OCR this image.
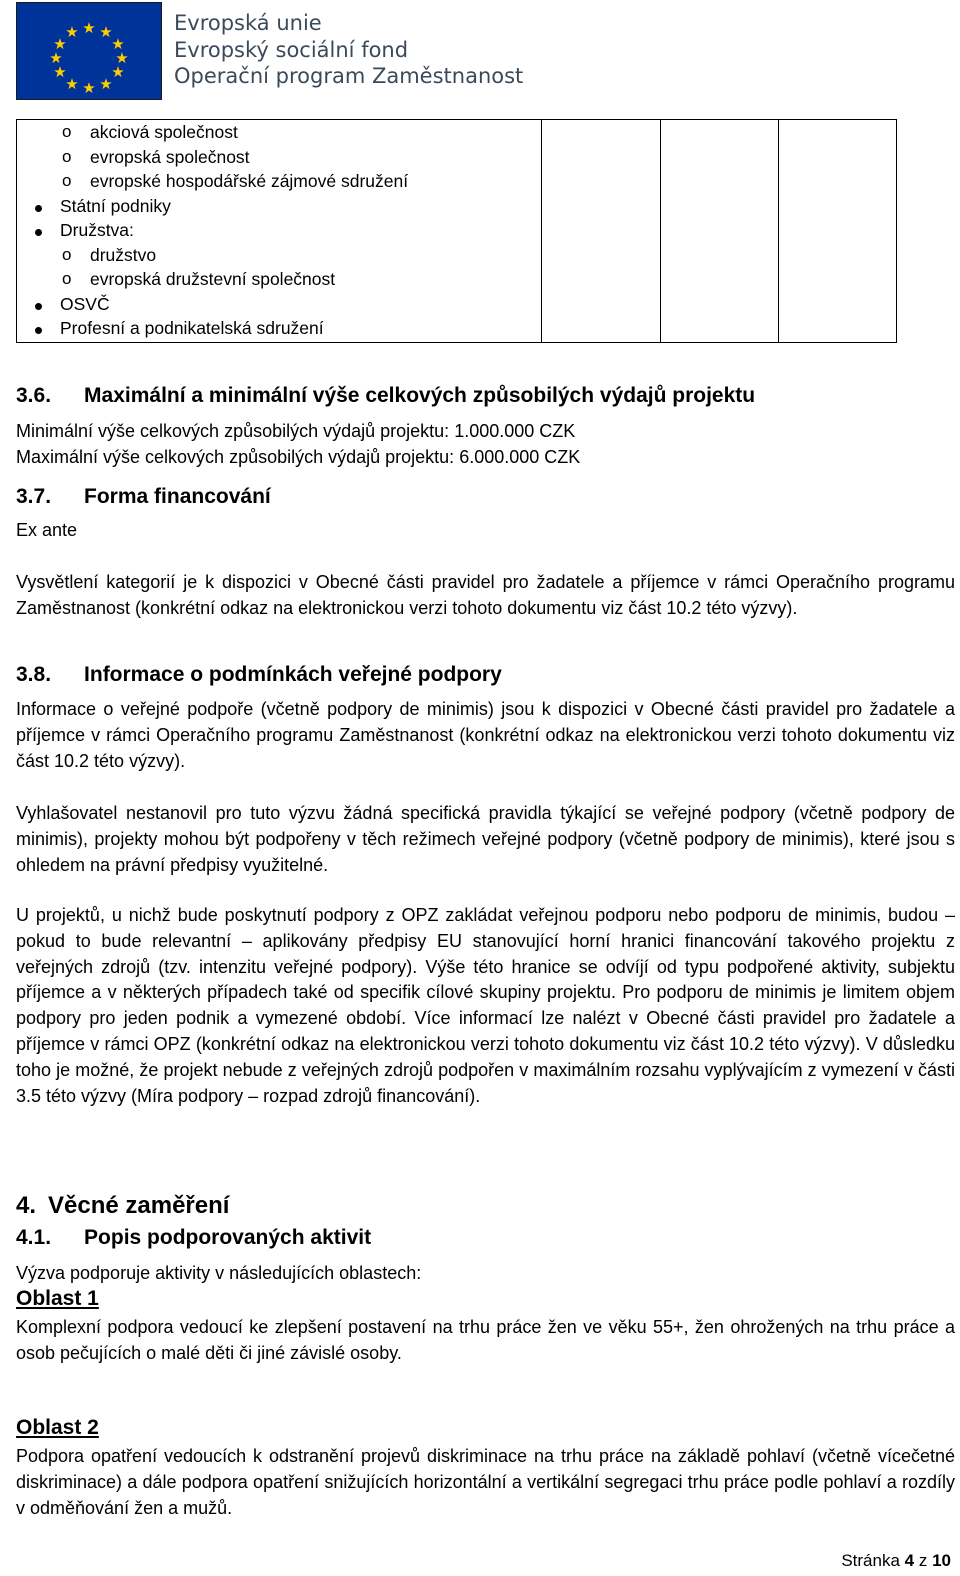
★ ★
★
★
★
★
★
★
★
★
★
★	Evropská unie
Evropský sociální fond
Operační program Zaměstnanost

o akciová společnost
o evropská společnost
o evropské hospodářské zájmové sdružení
Státní podniky
Družstva:
o družstvo
o evropská družstevní společnost
OSVČ
Profesní a podnikatelská sdružení
3.6. Maximální a minimální výše celkových způsobilých výdajů projektu
Minimální výše celkových způsobilých výdajů projektu: 1.000.000 CZK
Maximální výše celkových způsobilých výdajů projektu: 6.000.000 CZK
3.7. Forma financování
Ex ante
Vysvětlení kategorií je k dispozici v Obecné části pravidel pro žadatele a příjemce v rámci Operačního programu Zaměstnanost (konkrétní odkaz na elektronickou verzi tohoto dokumentu viz část 10.2 této výzvy).
3.8. Informace o podmínkách veřejné podpory
Informace o veřejné podpoře (včetně podpory de minimis) jsou k dispozici v Obecné části pravidel pro žadatele a příjemce v rámci Operačního programu Zaměstnanost (konkrétní odkaz na elektronickou verzi tohoto dokumentu viz část 10.2 této výzvy).
Vyhlašovatel nestanovil pro tuto výzvu žádná specifická pravidla týkající se veřejné podpory (včetně podpory de minimis), projekty mohou být podpořeny v těch režimech veřejné podpory (včetně podpory de minimis), které jsou s ohledem na právní předpisy využitelné.
U projektů, u nichž bude poskytnutí podpory z OPZ zakládat veřejnou podporu nebo podporu de minimis, budou – pokud to bude relevantní – aplikovány předpisy EU stanovující horní hranici financování takového projektu z veřejných zdrojů (tzv. intenzitu veřejné podpory). Výše této hranice se odvíjí od typu podpořené aktivity, subjektu příjemce a v některých případech také od specifik cílové skupiny projektu. Pro podporu de minimis je limitem objem podpory pro jeden podnik a vymezené období. Více informací lze nalézt v Obecné části pravidel pro žadatele a příjemce v rámci OPZ (konkrétní odkaz na elektronickou verzi tohoto dokumentu viz část 10.2 této výzvy). V důsledku toho je možné, že projekt nebude z veřejných zdrojů podpořen v maximálním rozsahu vyplývajícím z vymezení v části 3.5 této výzvy (Míra podpory – rozpad zdrojů financování).
4. Věcné zaměření
4.1. Popis podporovaných aktivit
Výzva podporuje aktivity v následujících oblastech:
Oblast 1
Komplexní podpora vedoucí ke zlepšení postavení na trhu práce žen ve věku 55+, žen ohrožených na trhu práce a osob pečujících o malé děti či jiné závislé osoby.
Oblast 2
Podpora opatření vedoucích k odstranění projevů diskriminace na trhu práce na základě pohlaví (včetně vícečetné diskriminace) a dále podpora opatření snižujících horizontální a vertikální segregaci trhu práce podle pohlaví a rozdíly v odměňování žen a mužů.
Stránka 4 z 10
